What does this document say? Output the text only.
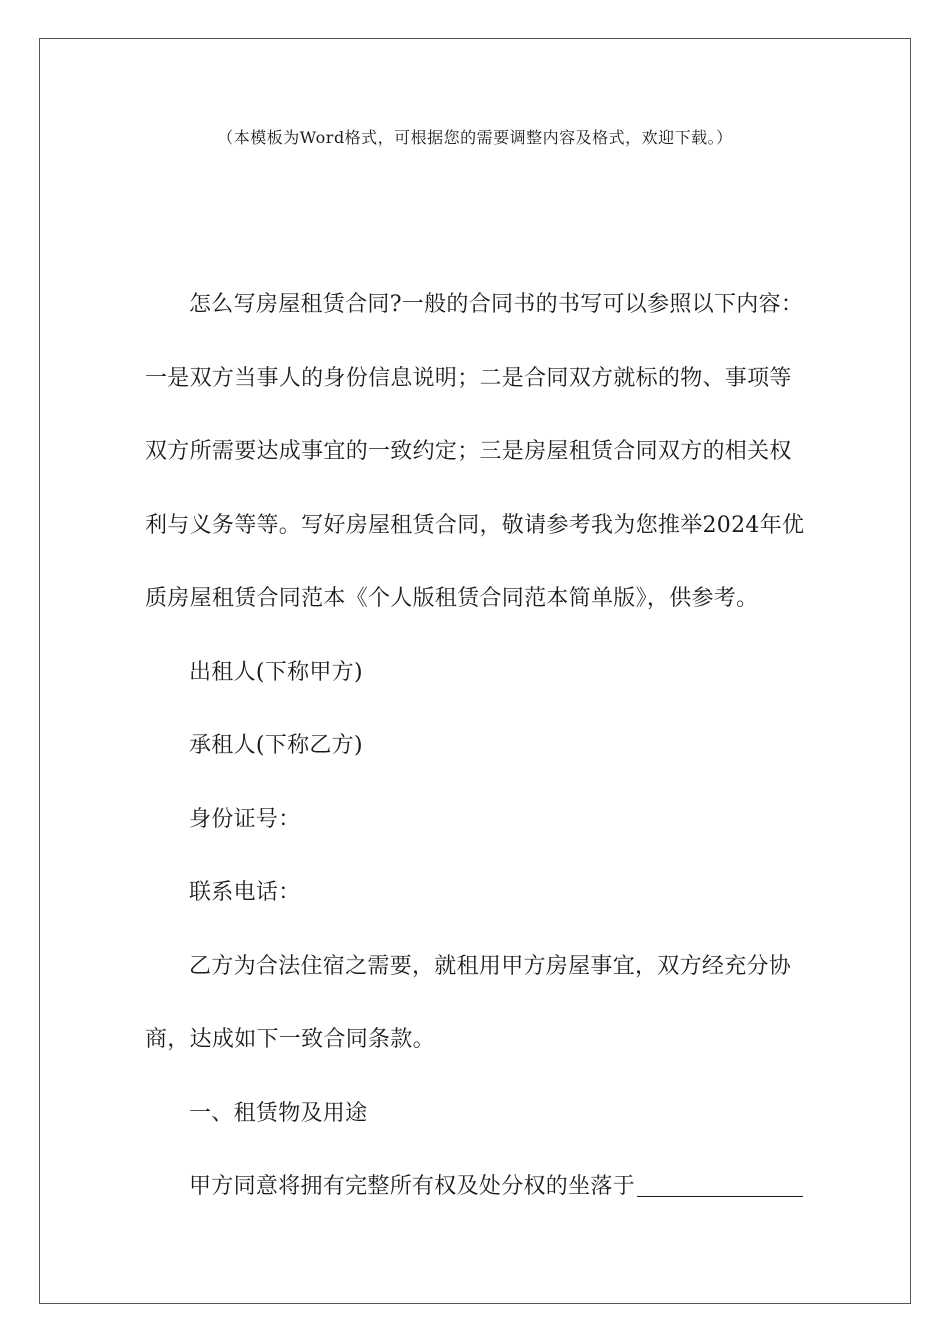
（本模板为Word格式，可根据您的需要调整内容及格式，欢迎下载。）

怎么写房屋租赁合同?一般的合同书的书写可以参照以下内容：
一是双方当事人的身份信息说明；二是合同双方就标的物、事项等
双方所需要达成事宜的一致约定；三是房屋租赁合同双方的相关权
利与义务等等。写好房屋租赁合同，敬请参考我为您推举2024年优
质房屋租赁合同范本《个人版租赁合同范本简单版》，供参考。

出租人(下称甲方)

承租人(下称乙方)

身份证号：

联系电话：

乙方为合法住宿之需要，就租用甲方房屋事宜，双方经充分协
商，达成如下一致合同条款。

一、租赁物及用途

甲方同意将拥有完整所有权及处分权的坐落于
